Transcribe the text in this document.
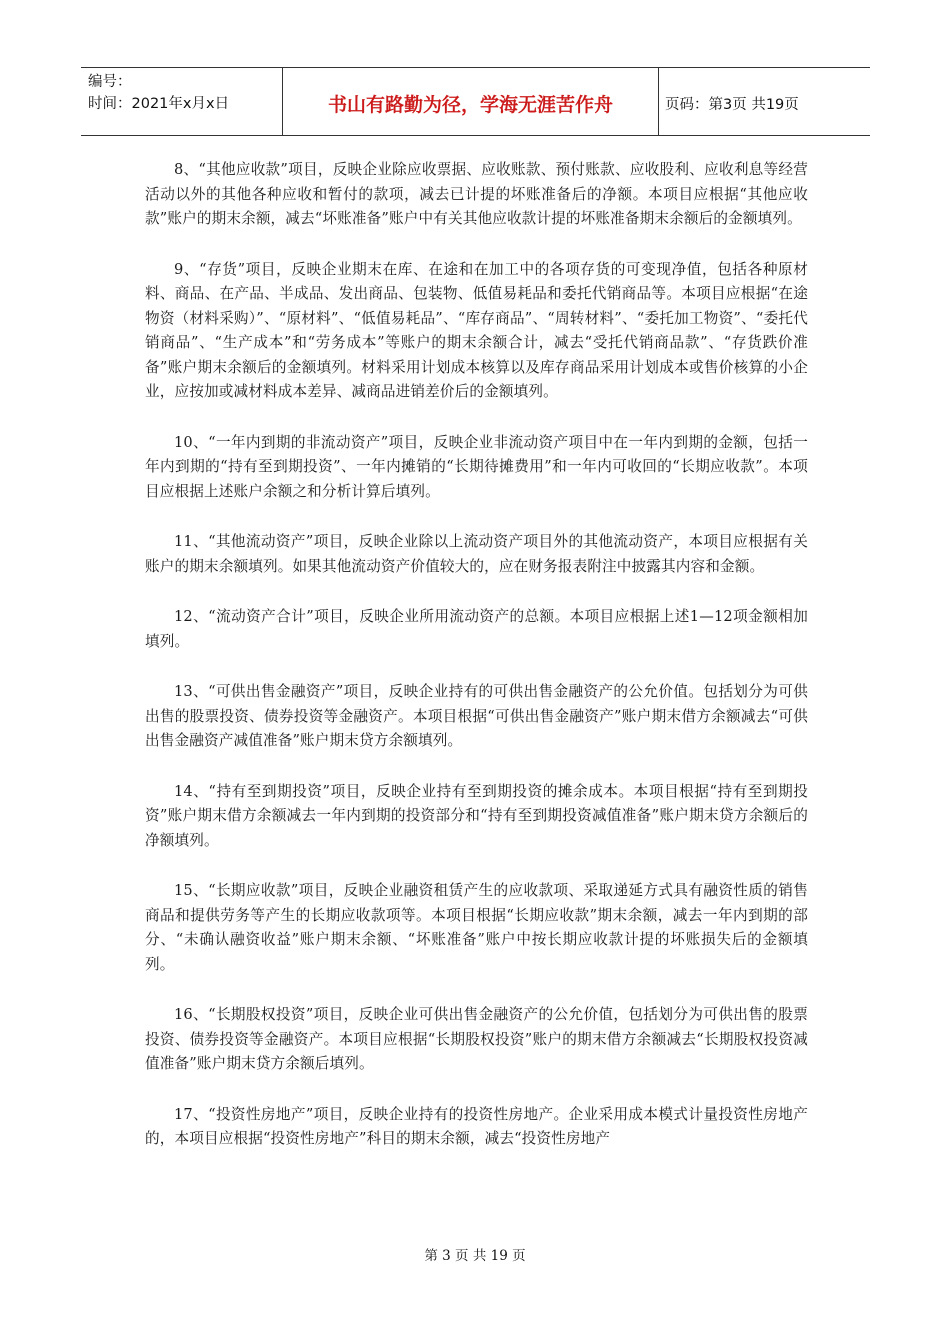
编号：
时间：2021年x月x日	书山有路勤为径，学海无涯苦作舟	页码：第3页 共19页

8、“其他应收款”项目，反映企业除应收票据、应收账款、预付账款、应收股利、应收利息等经营活动以外的其他各种应收和暂付的款项，减去已计提的坏账准备后的净额。本项目应根据“其他应收款”账户的期末余额，减去“坏账准备”账户中有关其他应收款计提的坏账准备期末余额后的金额填列。

9、“存货”项目，反映企业期末在库、在途和在加工中的各项存货的可变现净值，包括各种原材料、商品、在产品、半成品、发出商品、包装物、低值易耗品和委托代销商品等。本项目应根据“在途物资（材料采购）”、“原材料”、“低值易耗品”、“库存商品”、“周转材料”、“委托加工物资”、“委托代销商品”、“生产成本”和“劳务成本”等账户的期末余额合计，减去“受托代销商品款”、“存货跌价准备”账户期末余额后的金额填列。材料采用计划成本核算以及库存商品采用计划成本或售价核算的小企业，应按加或减材料成本差异、减商品进销差价后的金额填列。

10、“一年内到期的非流动资产”项目，反映企业非流动资产项目中在一年内到期的金额，包括一年内到期的“持有至到期投资”、一年内摊销的“长期待摊费用”和一年内可收回的“长期应收款”。本项目应根据上述账户余额之和分析计算后填列。

11、“其他流动资产”项目，反映企业除以上流动资产项目外的其他流动资产，本项目应根据有关账户的期末余额填列。如果其他流动资产价值较大的，应在财务报表附注中披露其内容和金额。

12、“流动资产合计”项目，反映企业所用流动资产的总额。本项目应根据上述1—12项金额相加填列。

13、“可供出售金融资产”项目，反映企业持有的可供出售金融资产的公允价值。包括划分为可供出售的股票投资、债券投资等金融资产。本项目根据“可供出售金融资产”账户期末借方余额减去“可供出售金融资产减值准备”账户期末贷方余额填列。

14、“持有至到期投资”项目，反映企业持有至到期投资的摊余成本。本项目根据“持有至到期投资”账户期末借方余额减去一年内到期的投资部分和“持有至到期投资减值准备”账户期末贷方余额后的净额填列。

15、“长期应收款”项目，反映企业融资租赁产生的应收款项、采取递延方式具有融资性质的销售商品和提供劳务等产生的长期应收款项等。本项目根据“长期应收款”期末余额，减去一年内到期的部分、“未确认融资收益”账户期末余额、“坏账准备”账户中按长期应收款计提的坏账损失后的金额填列。

16、“长期股权投资”项目，反映企业可供出售金融资产的公允价值，包括划分为可供出售的股票投资、债券投资等金融资产。本项目应根据“长期股权投资”账户的期末借方余额减去“长期股权投资减值准备”账户期末贷方余额后填列。

17、“投资性房地产”项目，反映企业持有的投资性房地产。企业采用成本模式计量投资性房地产的，本项目应根据“投资性房地产”科目的期末余额，减去“投资性房地产

第 3 页 共 19 页
